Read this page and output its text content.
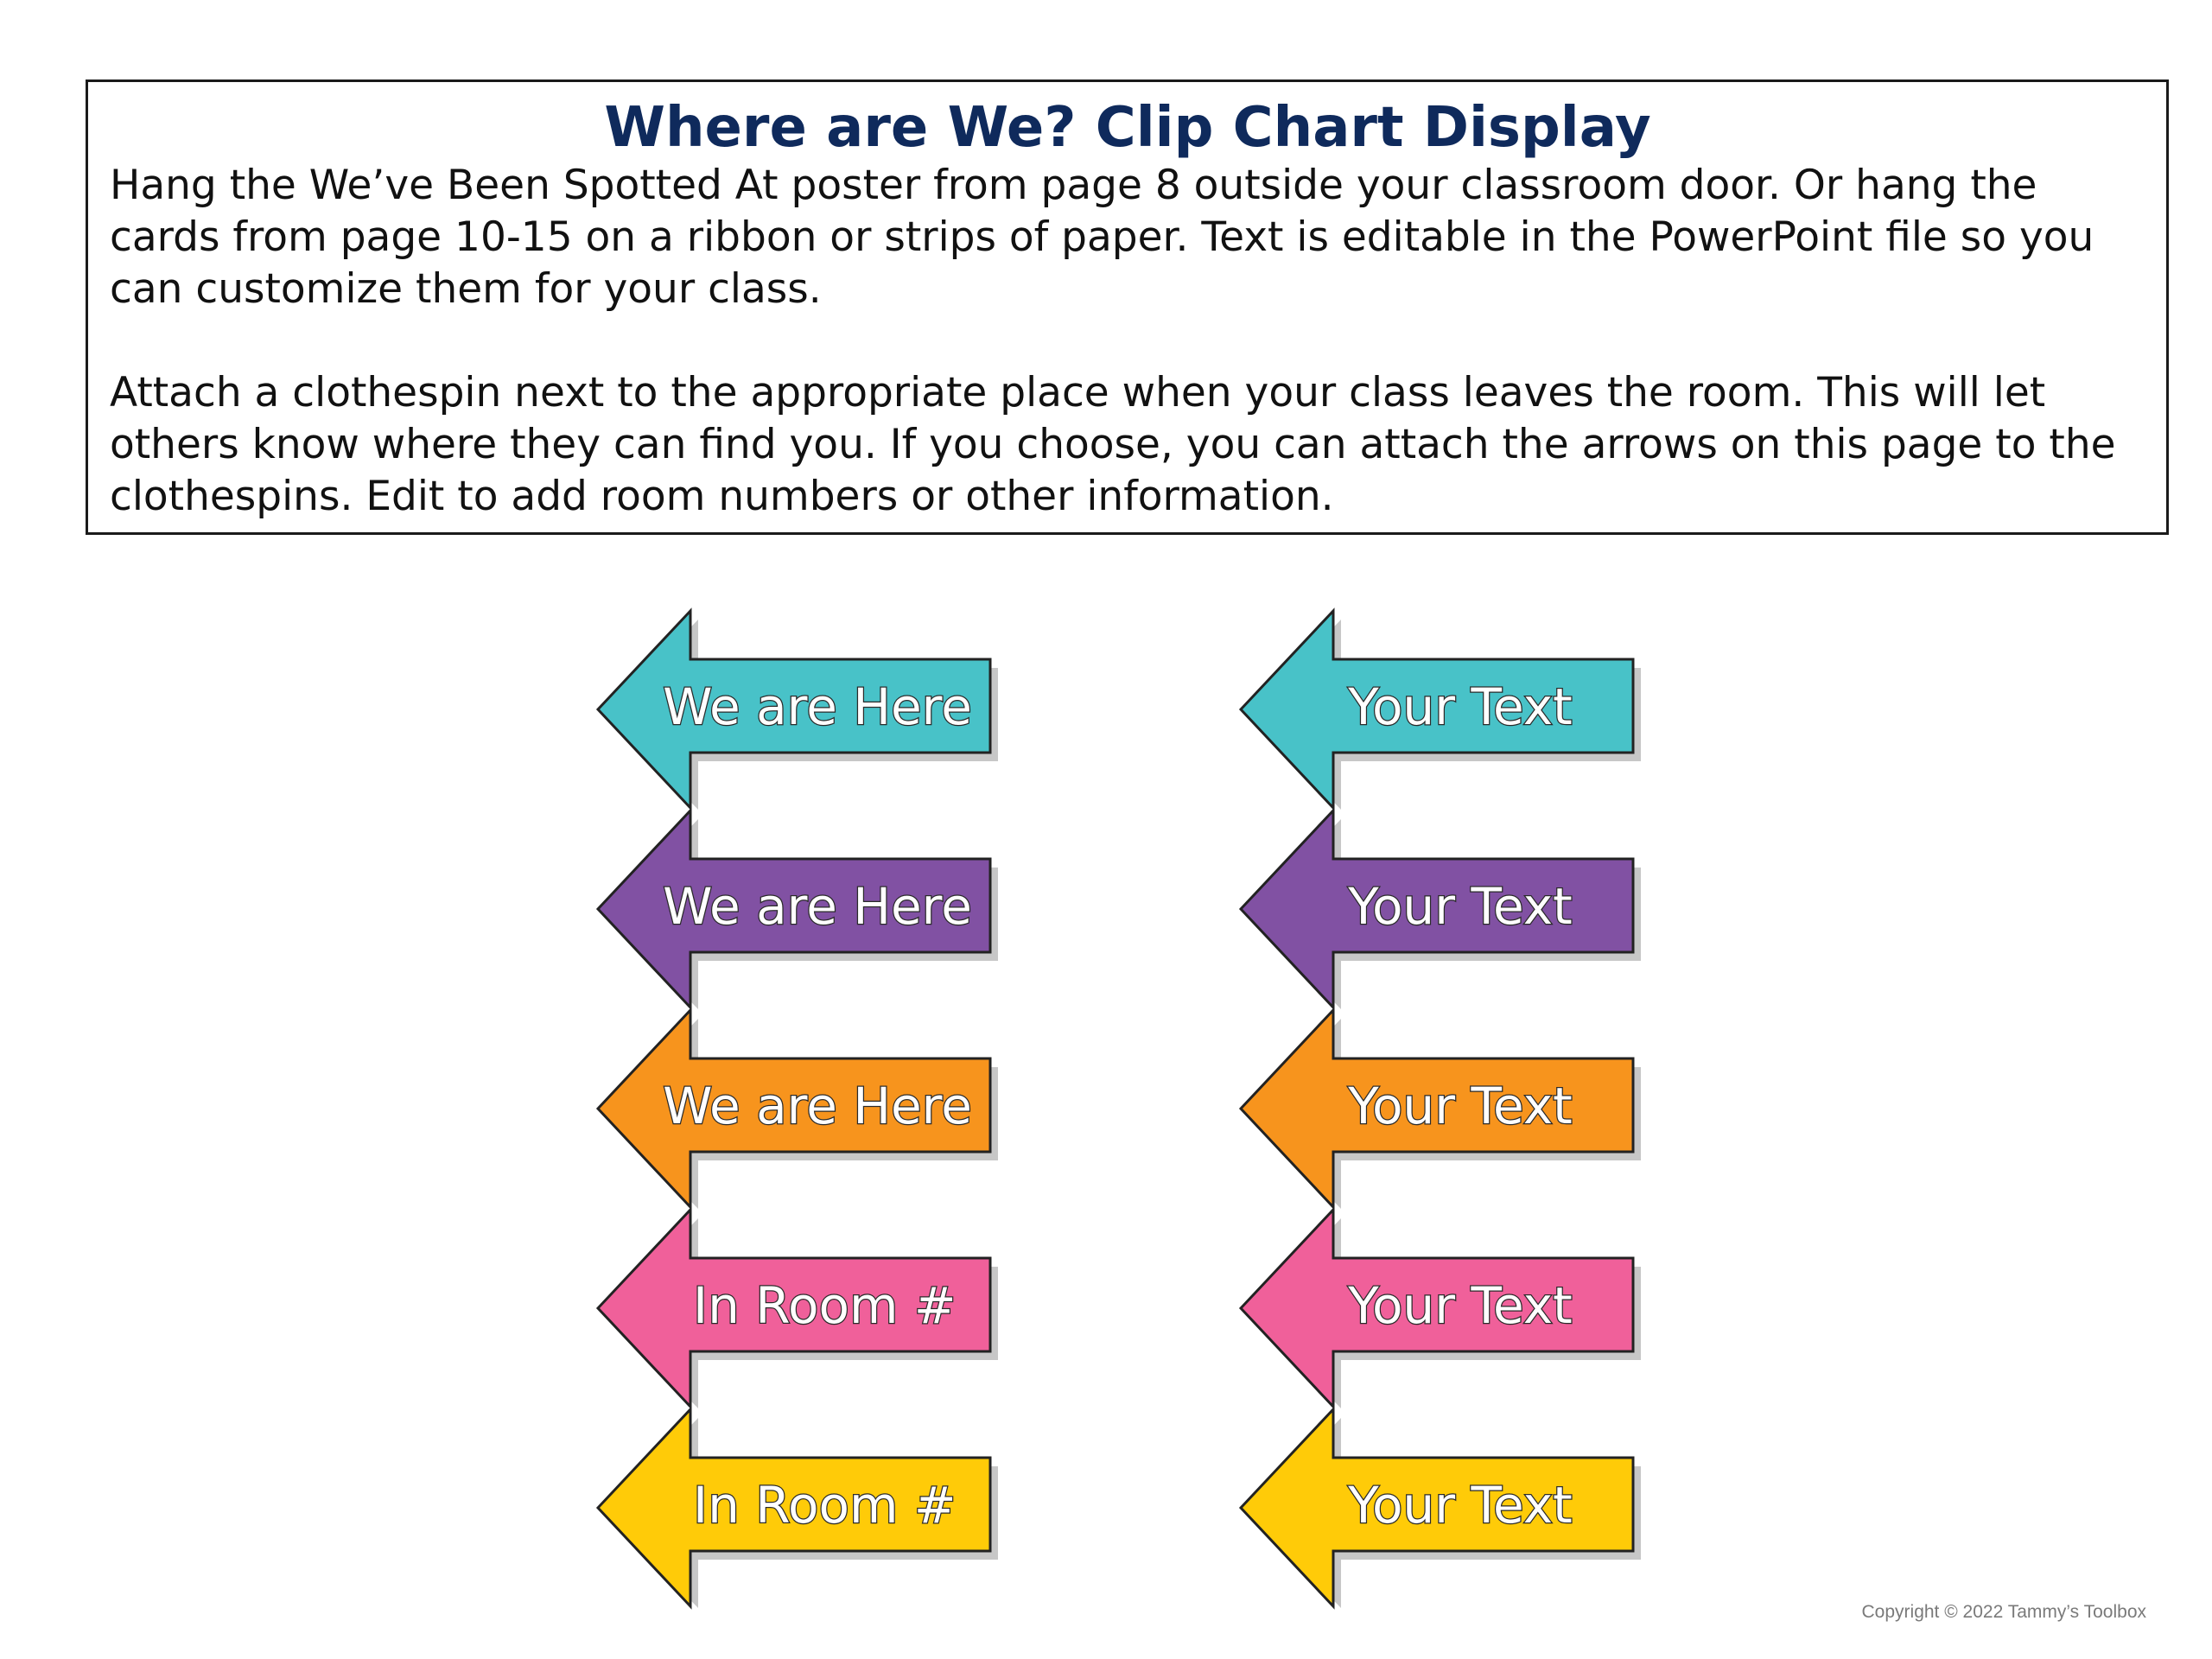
Where are We? Clip Chart Display

Hang the We’ve Been Spotted At poster from page 8 outside your classroom door. Or hang the cards from page 10-15 on a ribbon or strips of paper. Text is editable in the PowerPoint file so you can customize them for your class.

Attach a clothespin next to the appropriate place when your class leaves the room. This will let others know where they can find you. If you choose, you can attach the arrows on this page to the clothespins. Edit to add room numbers or other information.

We are Here
We are Here
We are Here
In Room #
In Room #
Your Text
Your Text
Your Text
Your Text
Your Text
Copyright © 2022 Tammy’s Toolbox
